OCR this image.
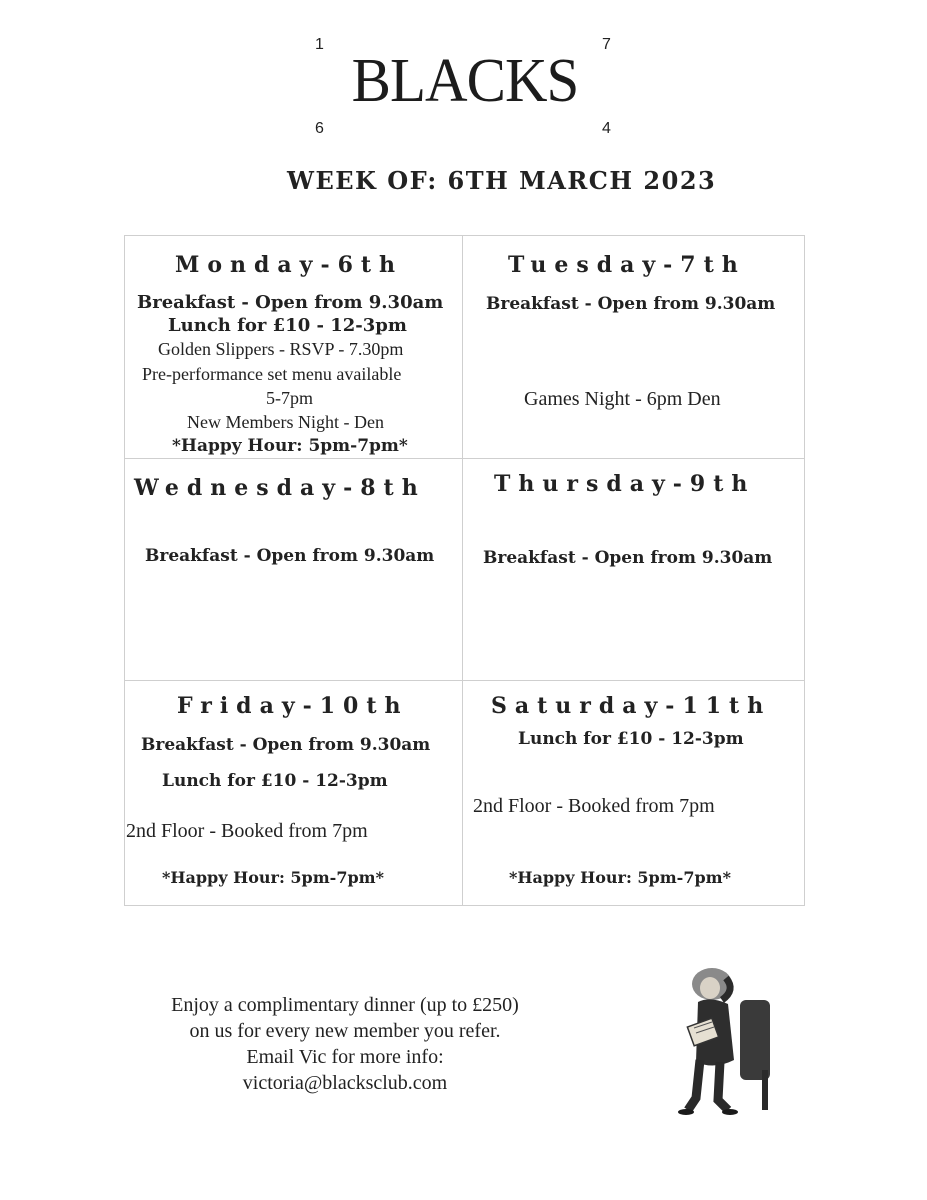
1	7
6	4
BLACKS
WEEK OF: 6TH MARCH 2023
Monday-6th
Breakfast - Open from 9.30am
Lunch for £10 - 12-3pm
Golden Slippers - RSVP - 7.30pm
Pre-performance set menu available
5-7pm
New Members Night - Den
*Happy Hour: 5pm-7pm*
Tuesday-7th
Breakfast - Open from 9.30am
Games Night - 6pm Den
Wednesday-8th
Breakfast - Open from 9.30am
Thursday-9th
Breakfast - Open from 9.30am
Friday-10th
Breakfast - Open from 9.30am
Lunch for £10 - 12-3pm
2nd Floor - Booked from 7pm
*Happy Hour: 5pm-7pm*
Saturday-11th
Lunch for £10 - 12-3pm
2nd Floor - Booked from 7pm
*Happy Hour: 5pm-7pm*
Enjoy a complimentary dinner (up to £250)
on us for every new member you refer.
Email Vic for more info:
victoria@blacksclub.com
